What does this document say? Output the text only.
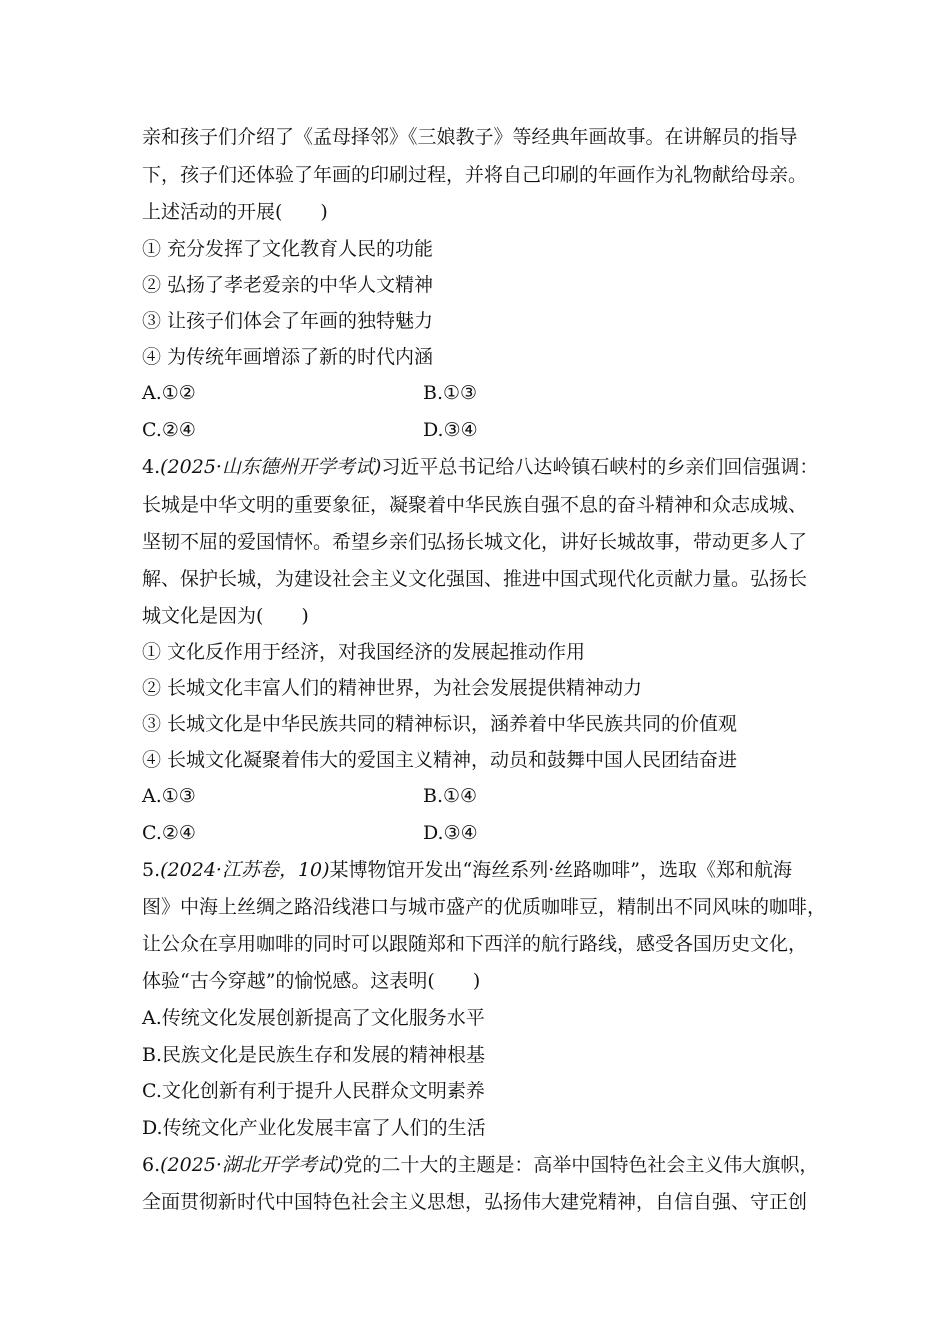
亲和孩子们介绍了《孟母择邻》《三娘教子》等经典年画故事。在讲解员的指导
下，孩子们还体验了年画的印刷过程，并将自己印刷的年画作为礼物献给母亲。
上述活动的开展(　　)
① 充分发挥了文化教育人民的功能
② 弘扬了孝老爱亲的中华人文精神
③ 让孩子们体会了年画的独特魅力
④ 为传统年画增添了新的时代内涵
A.①②	B.①③
C.②④	D.③④
4.(2025·山东德州开学考试)习近平总书记给八达岭镇石峡村的乡亲们回信强调：
长城是中华文明的重要象征，凝聚着中华民族自强不息的奋斗精神和众志成城、
坚韧不屈的爱国情怀。希望乡亲们弘扬长城文化，讲好长城故事，带动更多人了
解、保护长城，为建设社会主义文化强国、推进中国式现代化贡献力量。弘扬长
城文化是因为(　　)
① 文化反作用于经济，对我国经济的发展起推动作用
② 长城文化丰富人们的精神世界，为社会发展提供精神动力
③ 长城文化是中华民族共同的精神标识，涵养着中华民族共同的价值观
④ 长城文化凝聚着伟大的爱国主义精神，动员和鼓舞中国人民团结奋进
A.①③	B.①④
C.②④	D.③④
5.(2024·江苏卷，10)某博物馆开发出“海丝系列·丝路咖啡”，选取《郑和航海
图》中海上丝绸之路沿线港口与城市盛产的优质咖啡豆，精制出不同风味的咖啡，
让公众在享用咖啡的同时可以跟随郑和下西洋的航行路线，感受各国历史文化，
体验“古今穿越”的愉悦感。这表明(　　)
A.传统文化发展创新提高了文化服务水平
B.民族文化是民族生存和发展的精神根基
C.文化创新有利于提升人民群众文明素养
D.传统文化产业化发展丰富了人们的生活
6.(2025·湖北开学考试)党的二十大的主题是：高举中国特色社会主义伟大旗帜，
全面贯彻新时代中国特色社会主义思想，弘扬伟大建党精神，自信自强、守正创
